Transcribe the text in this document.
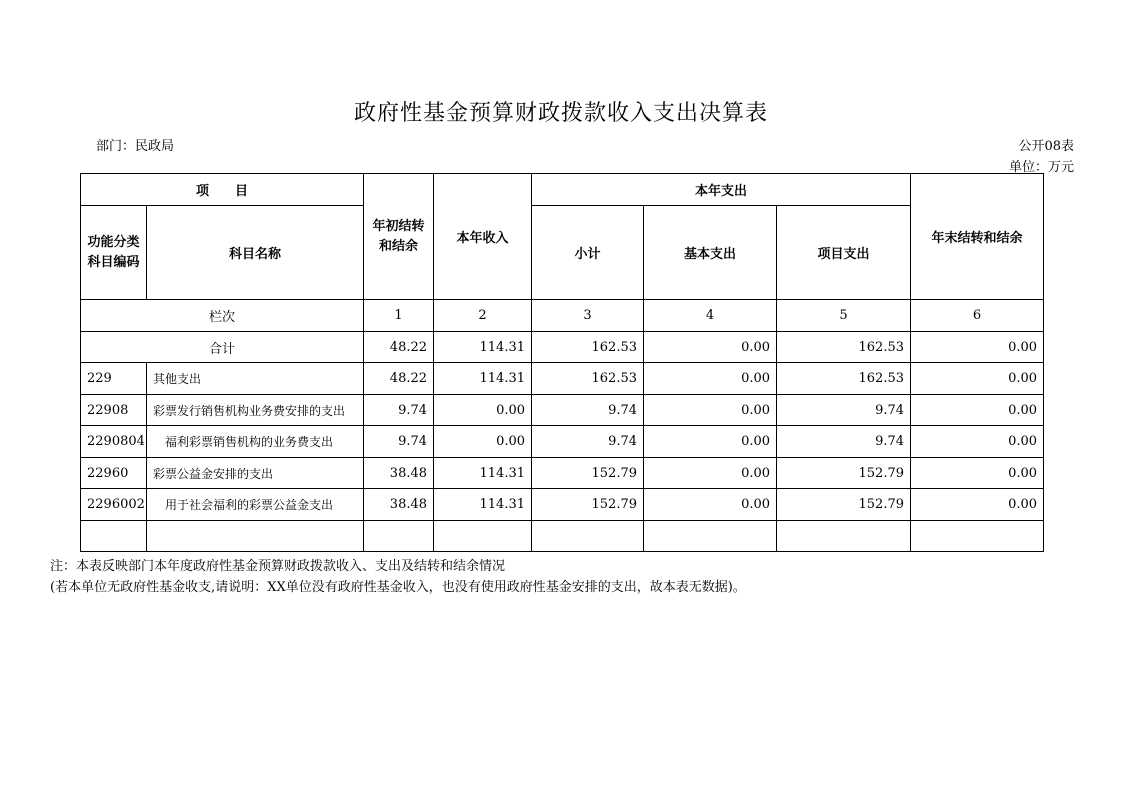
政府性基金预算财政拨款收入支出决算表
部门：民政局	公开08表
单位：万元
项　　目		年初结转和结余	本年收入	本年支出			年末结转和结余
功能分类科目编码	科目名称			小计	基本支出	项目支出	
栏次		1	2	3	4	5	6
合计		48.22	114.31	162.53	0.00	162.53	0.00
229	其他支出	48.22	114.31	162.53	0.00	162.53	0.00
22908	彩票发行销售机构业务费安排的支出	9.74	0.00	9.74	0.00	9.74	0.00
2290804	福利彩票销售机构的业务费支出	9.74	0.00	9.74	0.00	9.74	0.00
22960	彩票公益金安排的支出	38.48	114.31	152.79	0.00	152.79	0.00
2296002	用于社会福利的彩票公益金支出	38.48	114.31	152.79	0.00	152.79	0.00

注：本表反映部门本年度政府性基金预算财政拨款收入、支出及结转和结余情况
(若本单位无政府性基金收支,请说明：XX单位没有政府性基金收入，也没有使用政府性基金安排的支出，故本表无数据)。
